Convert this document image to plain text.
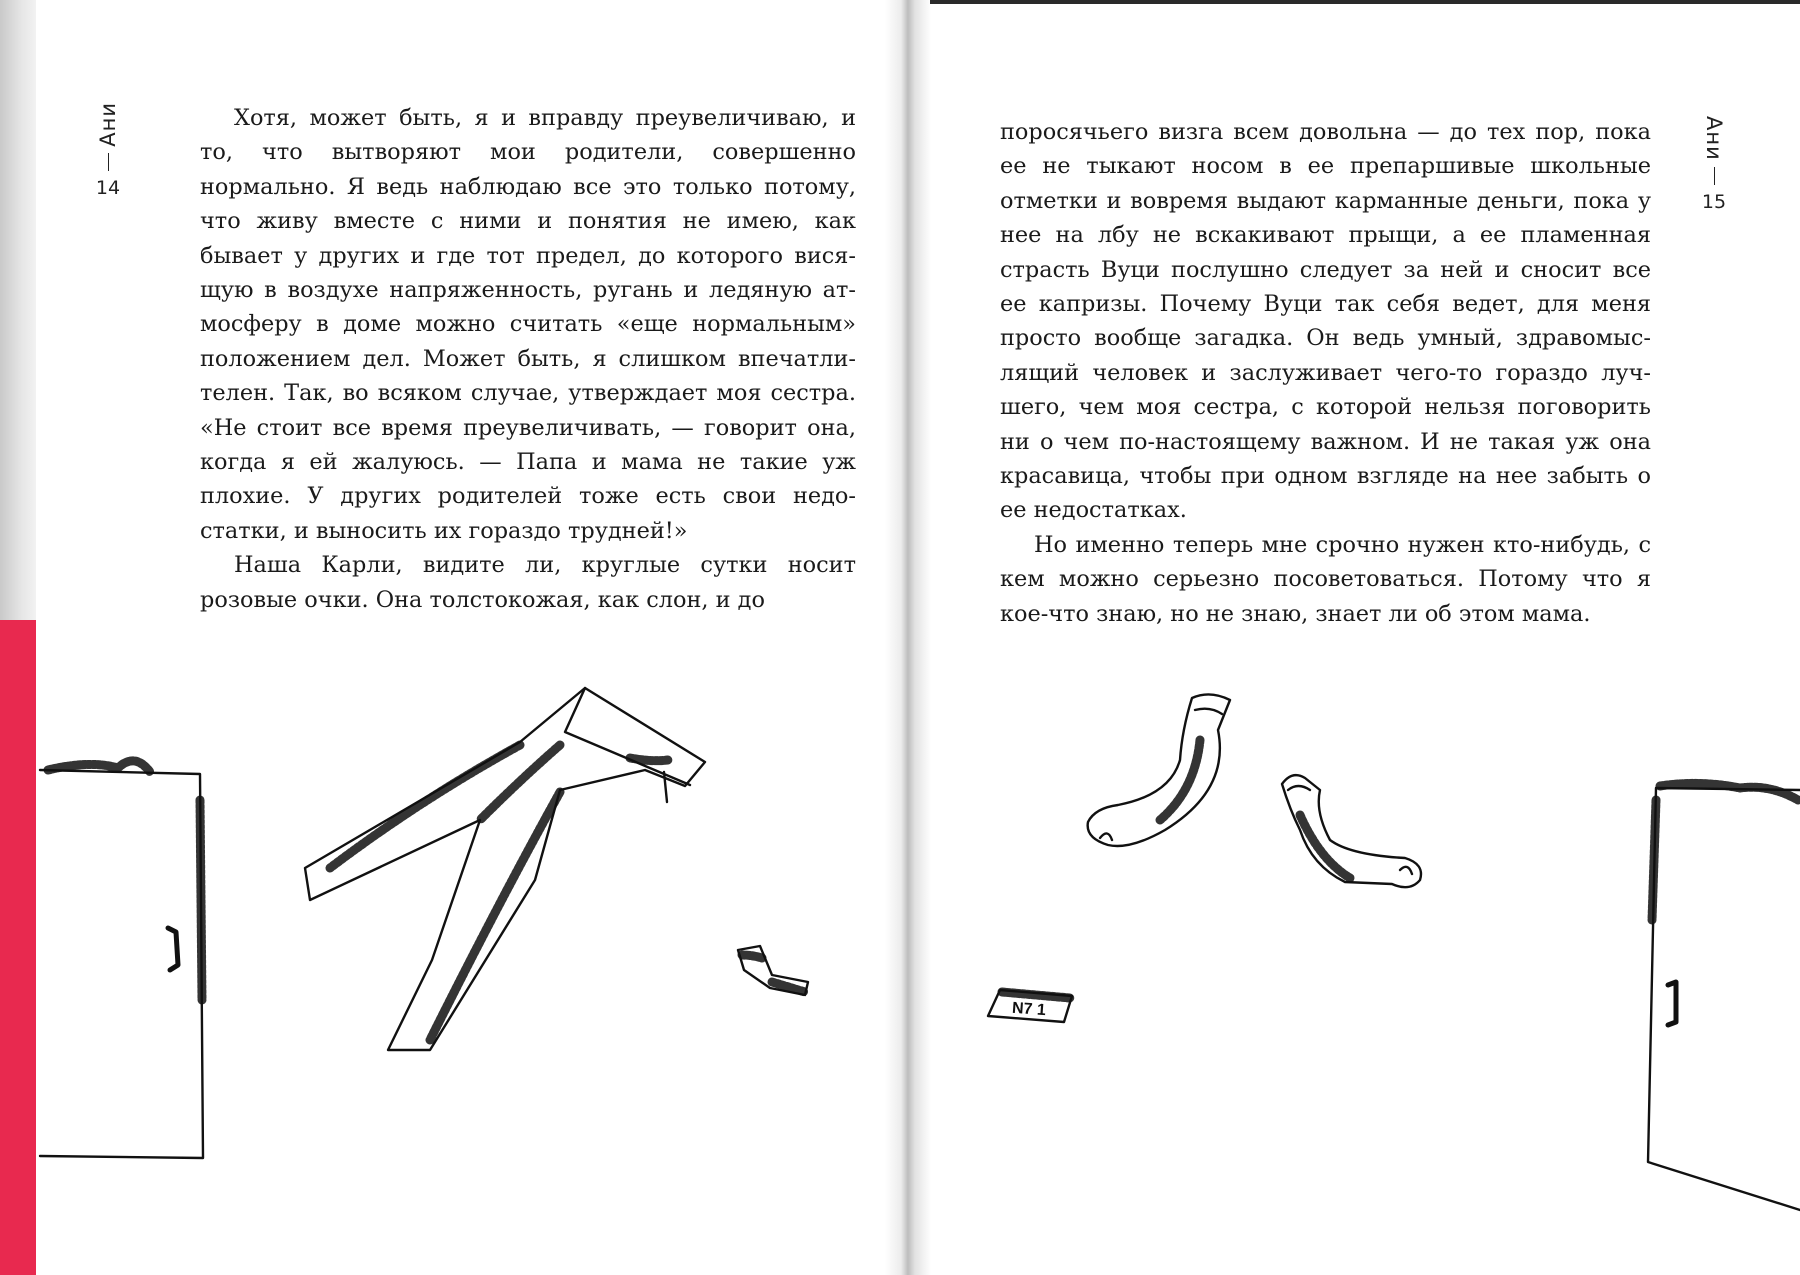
Ани
14

Хотя, может быть, я и вправду преувеличиваю, и то, что вытворяют мои родители, совершенно нормально. Я ведь наблюдаю все это только потому, что живу вместе с ними и понятия не имею, как бывает у других и где тот предел, до которого висящую в воздухе напряженность, ругань и ледяную атмосферу в доме можно считать «еще нормальным» положением дел. Может быть, я слишком впечатлителен. Так, во всяком случае, утверждает моя сестра. «Не стоит все время преувеличивать, — говорит она, когда я ей жалуюсь. — Папа и мама не такие уж плохие. У других родителей тоже есть свои недостатки, и выносить их гораздо трудней!»

Наша Карли, видите ли, круглые сутки носит розовые очки. Она толстокожая, как слон, и до

Ани
15

поросячьего визга всем довольна — до тех пор, пока ее не тыкают носом в ее препаршивые школьные отметки и вовремя выдают карманные деньги, пока у нее на лбу не вскакивают прыщи, а ее пламенная страсть Вуци послушно следует за ней и сносит все ее капризы. Почему Вуци так себя ведет, для меня просто вообще загадка. Он ведь умный, здравомыслящий человек и заслуживает чего-то гораздо лучшего, чем моя сестра, с которой нельзя поговорить ни о чем по-настоящему важном. И не такая уж она красавица, чтобы при одном взгляде на нее забыть о ее недостатках.

Но именно теперь мне срочно нужен кто-нибудь, с кем можно серьезно посоветоваться. Потому что я кое-что знаю, но не знаю, знает ли об этом мама.

N7 1
